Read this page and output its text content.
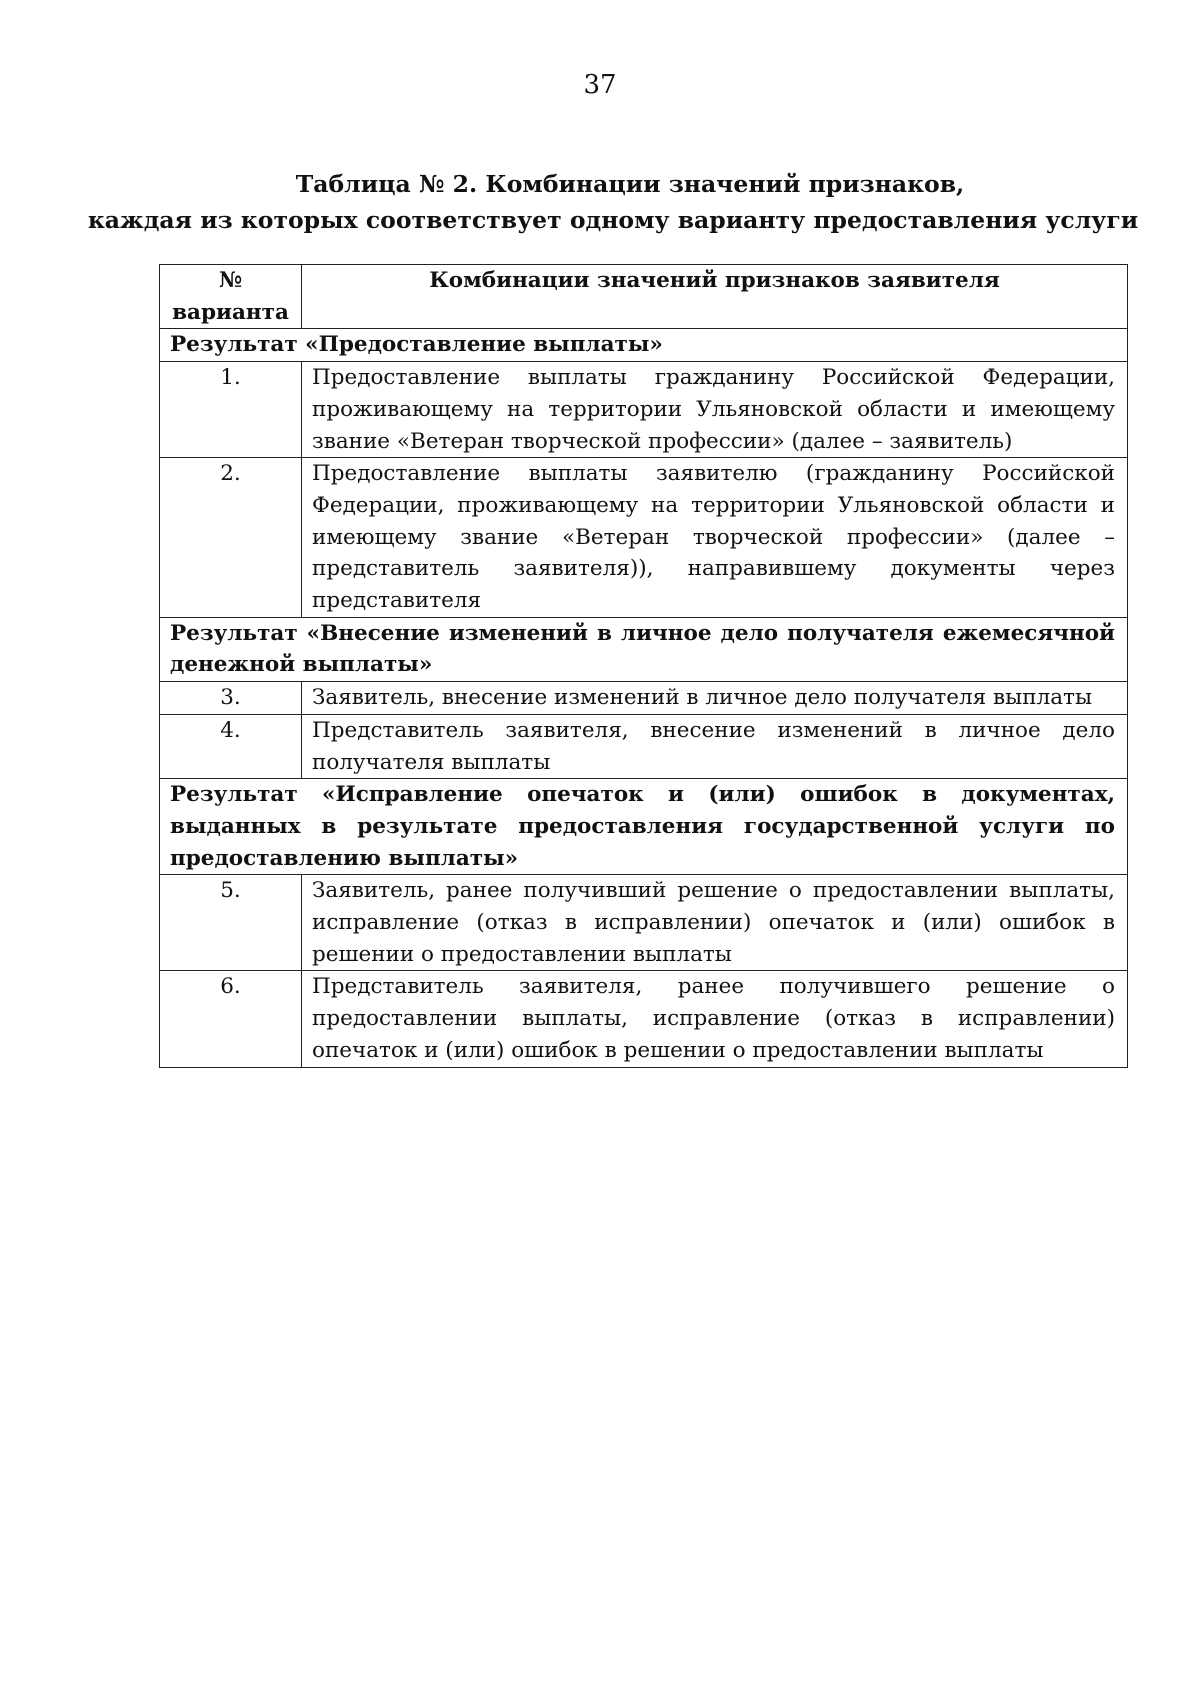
37
Таблица № 2. Комбинации значений признаков,
каждая из которых соответствует одному варианту предоставления услуги
№
варианта	Комбинации значений признаков заявителя
Результат «Предоставление выплаты»	
1.	Предоставление выплаты гражданину Российской Федерации, проживающему на территории Ульяновской области и имеющему звание «Ветеран творческой профессии» (далее – заявитель)
2.	Предоставление выплаты заявителю (гражданину Российской Федерации, проживающему на территории Ульяновской области и имеющему звание «Ветеран творческой профессии» (далее – представитель заявителя)), направившему документы через представителя
Результат «Внесение изменений в личное дело получателя ежемесячной денежной выплаты»	
3.	Заявитель, внесение изменений в личное дело получателя выплаты
4.	Представитель заявителя, внесение изменений в личное дело получателя выплаты
Результат «Исправление опечаток и (или) ошибок в документах, выданных в результате предоставления государственной услуги по предоставлению выплаты»	
5.	Заявитель, ранее получивший решение о предоставлении выплаты, исправление (отказ в исправлении) опечаток и (или) ошибок в решении о предоставлении выплаты
6.	Представитель заявителя, ранее получившего решение о предоставлении выплаты, исправление (отказ в исправлении) опечаток и (или) ошибок в решении о предоставлении выплаты
